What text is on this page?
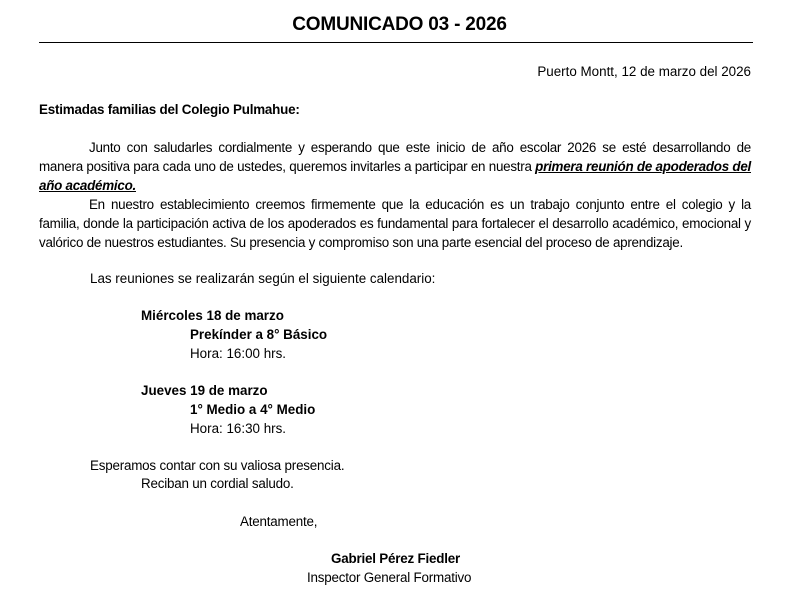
COMUNICADO 03 - 2026
Puerto Montt, 12 de marzo del 2026
Estimadas familias del Colegio Pulmahue:
Junto con saludarles cordialmente y esperando que este inicio de año escolar 2026 se esté desarrollando de manera positiva para cada uno de ustedes, queremos invitarles a participar en nuestra primera reunión de apoderados del año académico.
En nuestro establecimiento creemos firmemente que la educación es un trabajo conjunto entre el colegio y la familia, donde la participación activa de los apoderados es fundamental para fortalecer el desarrollo académico, emocional y valórico de nuestros estudiantes. Su presencia y compromiso son una parte esencial del proceso de aprendizaje.
Las reuniones se realizarán según el siguiente calendario:
Miércoles 18 de marzo
Prekínder a 8° Básico
Hora: 16:00 hrs.
Jueves 19 de marzo
1° Medio a 4° Medio
Hora: 16:30 hrs.
Esperamos contar con su valiosa presencia.
Reciban un cordial saludo.
Atentamente,
Gabriel Pérez Fiedler
Inspector General Formativo
